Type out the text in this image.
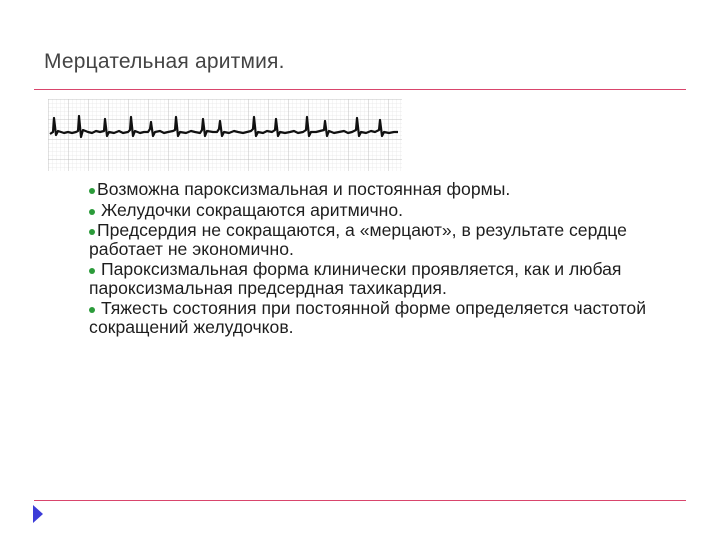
Мерцательная аритмия.
Возможна пароксизмальная и постоянная формы.
Желудочки сокращаются аритмично.
Предсердия не сокращаются, а «мерцают», в результате сердце работает не экономично.
Пароксизмальная форма клинически проявляется, как и любая пароксизмальная предсердная тахикардия.
Тяжесть состояния при постоянной форме определяется частотой сокращений желудочков.
